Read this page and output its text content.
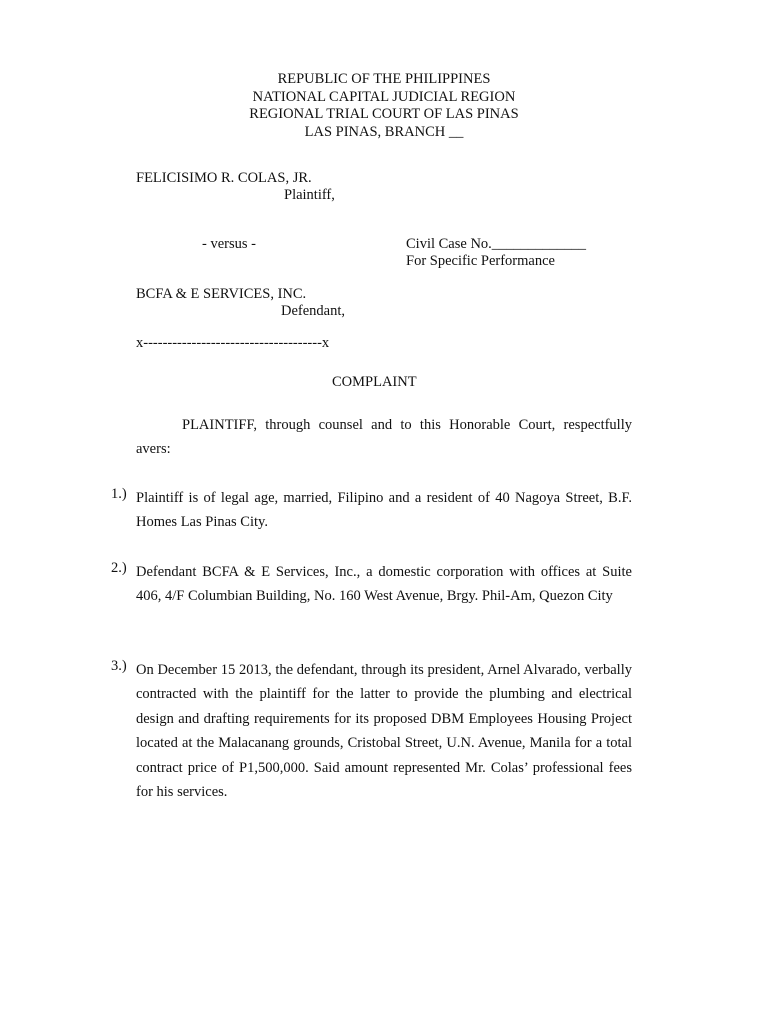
REPUBLIC OF THE PHILIPPINES
NATIONAL CAPITAL JUDICIAL REGION
REGIONAL TRIAL COURT OF LAS PINAS
LAS PINAS, BRANCH __
FELICISIMO R. COLAS, JR.
Plaintiff,
- versus -	Civil Case No._____________
For Specific Performance
BCFA & E SERVICES, INC.
Defendant,
x-------------------------------------x
COMPLAINT
PLAINTIFF, through counsel and to this Honorable Court, respectfully avers:
1.) Plaintiff is of legal age, married, Filipino and a resident of 40 Nagoya Street, B.F. Homes Las Pinas City.
2.) Defendant BCFA & E Services, Inc., a domestic corporation with offices at Suite 406, 4/F Columbian Building, No. 160 West Avenue, Brgy. Phil-Am, Quezon City
3.) On December 15 2013, the defendant, through its president, Arnel Alvarado, verbally contracted with the plaintiff for the latter to provide the plumbing and electrical design and drafting requirements for its proposed DBM Employees Housing Project located at the Malacanang grounds, Cristobal Street, U.N. Avenue, Manila for a total contract price of P1,500,000. Said amount represented Mr. Colas’ professional fees for his services.
